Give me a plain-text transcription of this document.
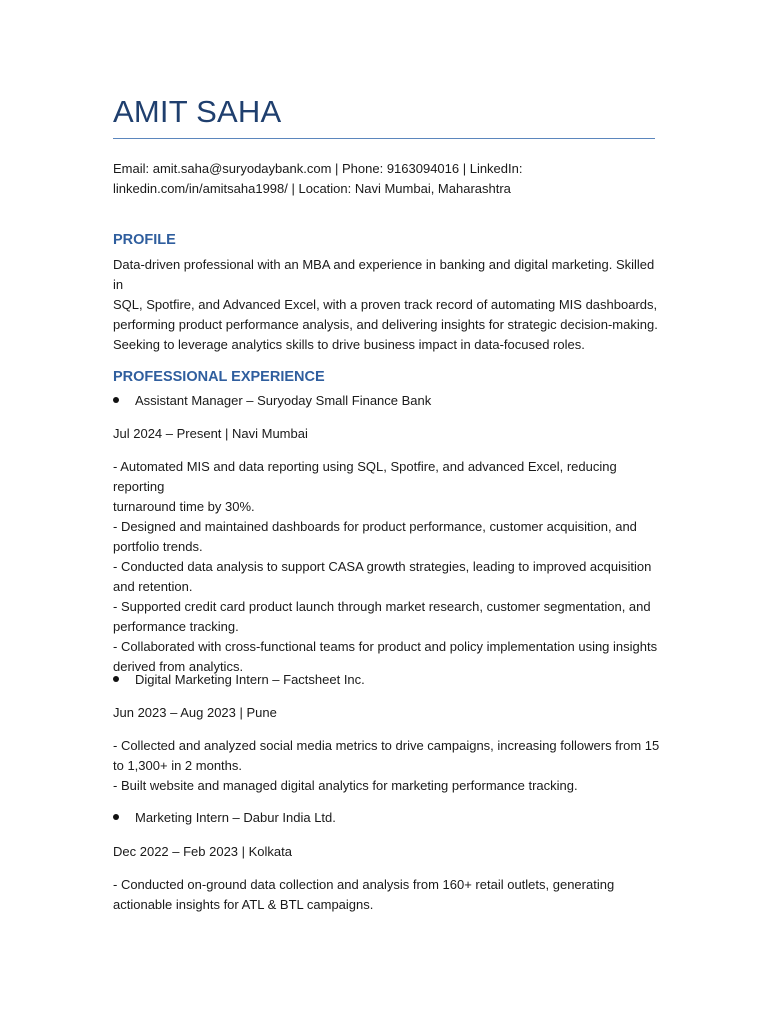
AMIT SAHA
Email: amit.saha@suryodaybank.com | Phone: 9163094016 | LinkedIn:
linkedin.com/in/amitsaha1998/ | Location: Navi Mumbai, Maharashtra
PROFILE
Data-driven professional with an MBA and experience in banking and digital marketing. Skilled in
SQL, Spotfire, and Advanced Excel, with a proven track record of automating MIS dashboards,
performing product performance analysis, and delivering insights for strategic decision-making.
Seeking to leverage analytics skills to drive business impact in data-focused roles.
PROFESSIONAL EXPERIENCE
Assistant Manager – Suryoday Small Finance Bank
Jul 2024 – Present | Navi Mumbai
- Automated MIS and data reporting using SQL, Spotfire, and advanced Excel, reducing reporting
turnaround time by 30%.
- Designed and maintained dashboards for product performance, customer acquisition, and
portfolio trends.
- Conducted data analysis to support CASA growth strategies, leading to improved acquisition
and retention.
- Supported credit card product launch through market research, customer segmentation, and
performance tracking.
- Collaborated with cross-functional teams for product and policy implementation using insights
derived from analytics.
Digital Marketing Intern – Factsheet Inc.
Jun 2023 – Aug 2023 | Pune
- Collected and analyzed social media metrics to drive campaigns, increasing followers from 15
to 1,300+ in 2 months.
- Built website and managed digital analytics for marketing performance tracking.
Marketing Intern – Dabur India Ltd.
Dec 2022 – Feb 2023 | Kolkata
- Conducted on-ground data collection and analysis from 160+ retail outlets, generating
actionable insights for ATL & BTL campaigns.
